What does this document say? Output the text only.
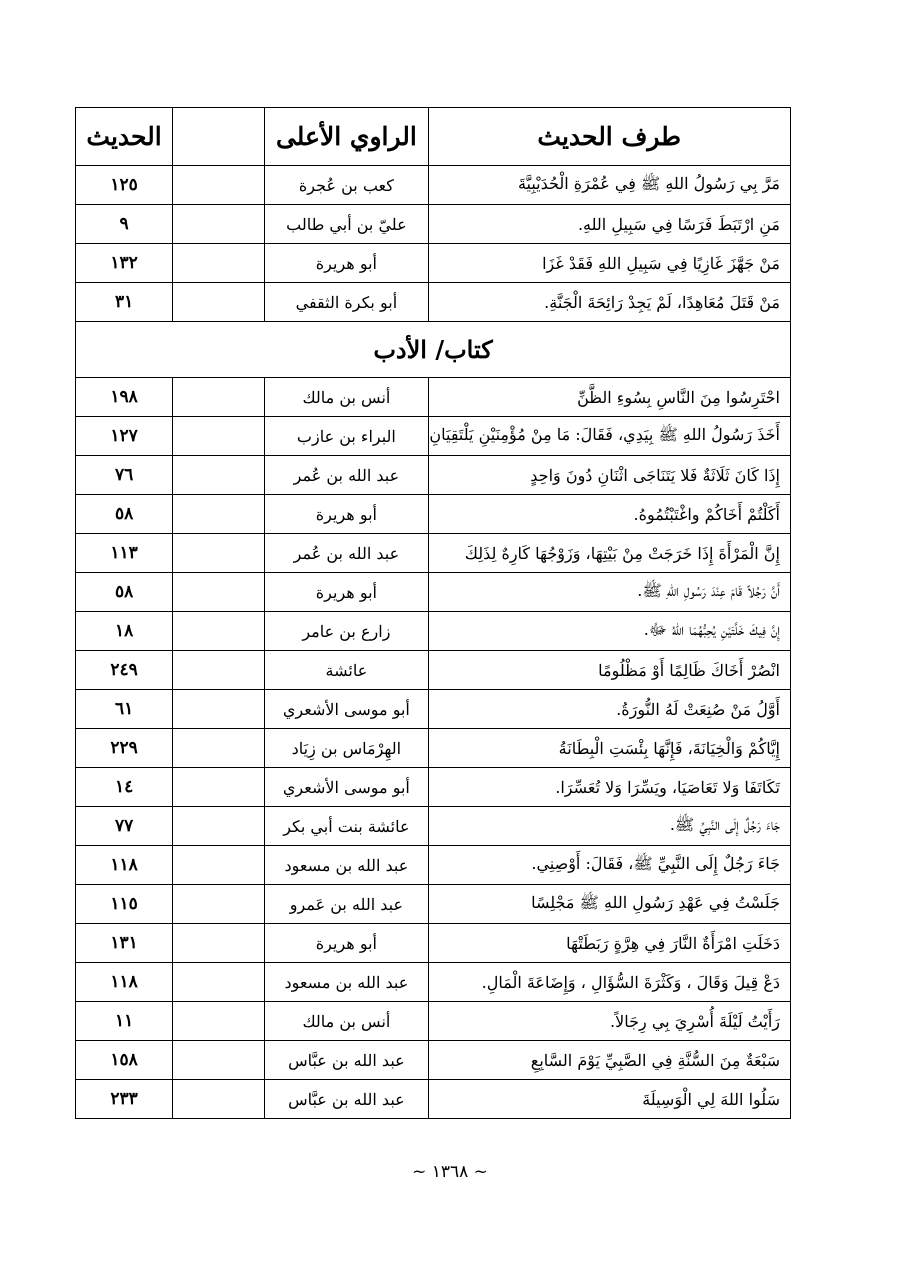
طرف الحديث	الراوي الأعلى		الحديث
مَرَّ بِي رَسُولُ اللهِ ﷺ فِي عُمْرَةِ الْحُدَيْبِيَّةَ	كعب بن عُجرة		١٢٥
مَنِ ارْتَبَطَ فَرَسًا فِي سَبِيلِ اللهِ.	عليّ بن أبي طالب		٩
مَنْ جَهَّزَ غَازِيًا فِي سَبِيلِ اللهِ فَقَدْ غَزَا	أبو هريرة		١٣٢
مَنْ قَتَلَ مُعَاهِدًا، لَمْ يَجِدْ رَائِحَةَ الْجَنَّةِ.	أبو بكرة الثقفي		٣١
كتاب/ الأدب			
احْتَرِسُوا مِنَ النَّاسِ بِسُوءِ الظَّنِّ	أنس بن مالك		١٩٨
أَخَذَ رَسُولُ اللهِ ﷺ بِيَدِي، فَقَالَ: مَا مِنْ مُؤْمِنَيْنِ يَلْتَقِيَانِ	البراء بن عازب		١٢٧
إِذَا كَانَ ثَلَاثَةٌ فَلا يَتَنَاجَى اثْنَانِ دُونَ وَاحِدٍ	عبد الله بن عُمر		٧٦
أَكَلْتُمْ أَخَاكُمْ واغْتَبْتُمُوهُ.	أبو هريرة		٥٨
إِنَّ الْمَرْأَةَ إِذَا خَرَجَتْ مِنْ بَيْتِهَا، وَزَوْجُهَا كَارِهٌ لِذَلِكَ	عبد الله بن عُمر		١١٣
أَنَّ رَجُلاً قَامَ عِنْدَ رَسُولِ اللهِ ﷺ.	أبو هريرة		٥٨
إِنَّ فِيكَ خَلَّتَيْنِ يُحِبُّهُمَا اللهُ ﷻ.	زارع بن عامر		١٨
انْصُرْ أَخَاكَ ظَالِمًا أَوْ مَظْلُومًا	عائشة		٢٤٩
أَوَّلُ مَنْ صُنِعَتْ لَهُ النُّورَةُ.	أبو موسى الأشعري		٦١
إِيَّاكُمْ وَالْخِيَانَةَ، فَإِنَّهَا بِئْسَتِ الْبِطَانَةُ	الهِرْمَاس بن زِيَاد		٢٢٩
تَكَاتَفَا وَلا تَعَاصَيَا، ويَسِّرَا وَلا تُعَسِّرَا.	أبو موسى الأشعري		١٤
جَاءَ رَجُلٌ إِلَى النَّبِيِّ ﷺ.	عائشة بنت أبي بكر		٧٧
جَاءَ رَجُلٌ إِلَى النَّبِيِّ ﷺ، فَقَالَ: أَوْصِنِي.	عبد الله بن مسعود		١١٨
جَلَسْتُ فِي عَهْدِ رَسُولِ اللهِ ﷺ مَجْلِسًا	عبد الله بن عَمرو		١١٥
دَخَلَتِ امْرَأَةٌ النَّارَ فِي هِرَّةٍ رَبَطَتْهَا	أبو هريرة		١٣١
دَعْ قِيلَ وَقَالَ ، وَكَثْرَةَ السُّؤَالِ ، وَإِضَاعَةَ الْمَالِ.	عبد الله بن مسعود		١١٨
رَأَيْتُ لَيْلَةَ أُسْرِيَ بِي رِجَالاً.	أنس بن مالك		١١
سَبْعَةٌ مِنَ السُّنَّةِ فِي الصَّبِيِّ يَوْمَ السَّابِعِ	عبد الله بن عبَّاس		١٥٨
سَلُوا اللهَ لِي الْوَسِيلَةَ	عبد الله بن عبَّاس		٢٣٣
~ ١٣٦٨ ~
